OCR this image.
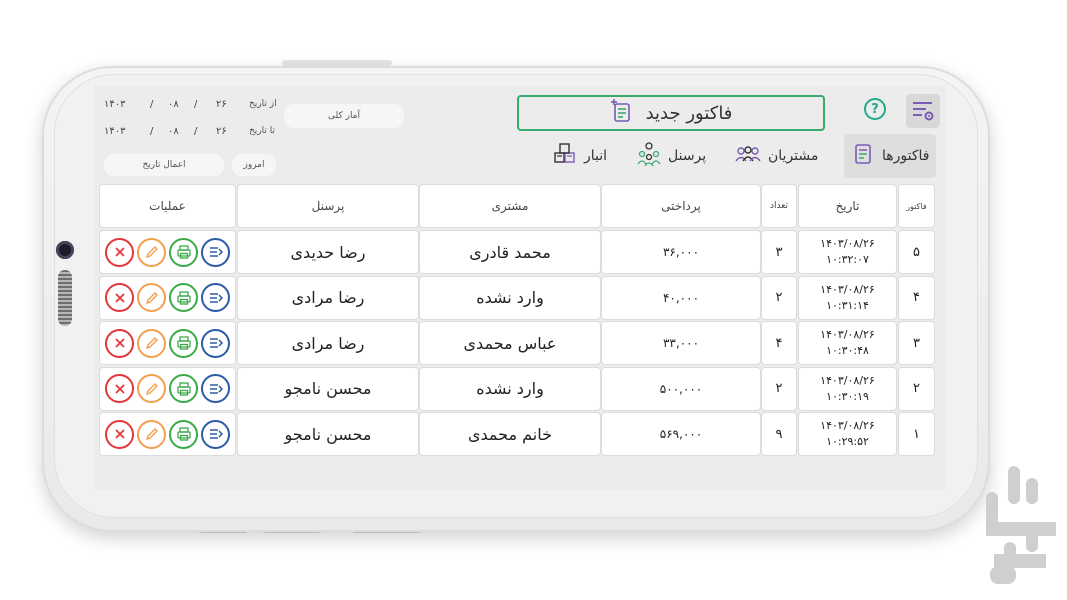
۱۴۰۳ / ۰۸ / ۲۶ از تاریخ
۱۴۰۳ / ۰۸ / ۲۶ تا تاریخ
آمار کلی
اعمال تاریخ	امروز
فاکتور جدید	?
فاکتورها
مشتریان
پرسنل
انبار
عملیات	پرسنل	مشتری	پرداختی	تعداد	تاریخ	فاکتور
رضا حدیدی	محمد قادری	۳۶,۰۰۰	۳
۱۴۰۳/۰۸/۲۶
۱۰:۳۲:۰۷	۵
رضا مرادی	وارد نشده	۴۰,۰۰۰	۲
۱۴۰۳/۰۸/۲۶
۱۰:۳۱:۱۴	۴
رضا مرادی	عباس محمدی	۳۳,۰۰۰	۴
۱۴۰۳/۰۸/۲۶
۱۰:۳۰:۴۸	۳
محسن نامجو	وارد نشده	۵۰۰,۰۰۰	۲
۱۴۰۳/۰۸/۲۶
۱۰:۳۰:۱۹	۲
محسن نامجو	خانم محمدی	۵۶۹,۰۰۰	۹
۱۴۰۳/۰۸/۲۶
۱۰:۲۹:۵۲	۱
